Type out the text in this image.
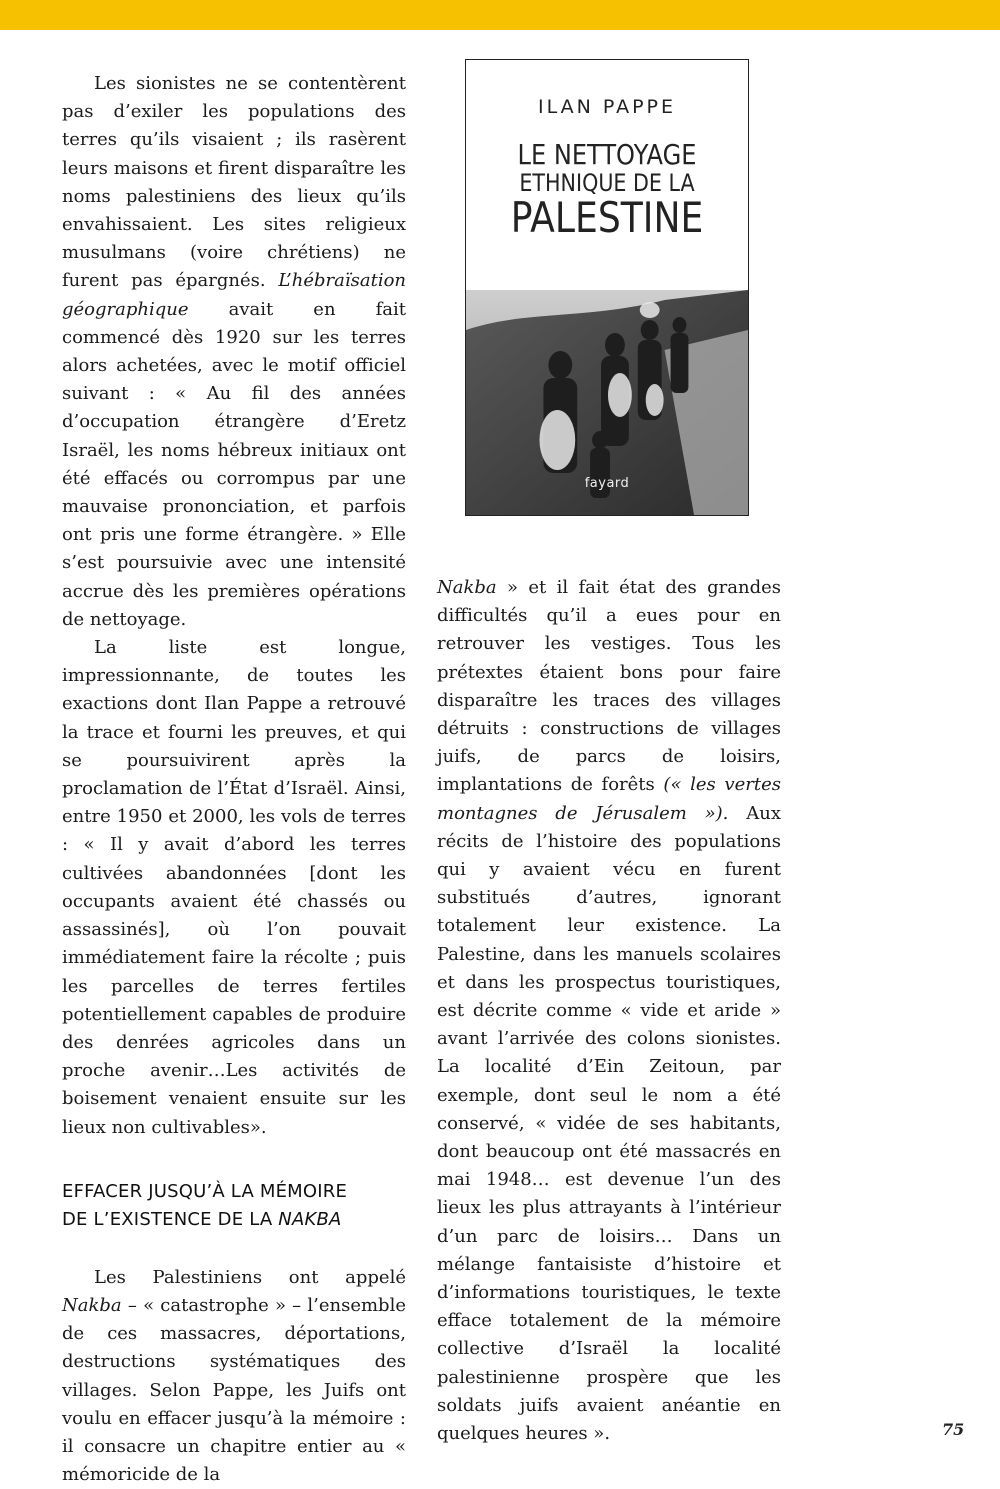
Les sionistes ne se contentèrent pas d’exiler les populations des terres qu’ils visaient ; ils rasèrent leurs maisons et firent disparaître les noms palestiniens des lieux qu’ils envahissaient. Les sites religieux musulmans (voire chrétiens) ne furent pas épargnés. L’hébraïsation géographique avait en fait commencé dès 1920 sur les terres alors achetées, avec le motif officiel suivant : « Au fil des années d’occupation étrangère d’Eretz Israël, les noms hébreux initiaux ont été effacés ou corrompus par une mauvaise prononciation, et parfois ont pris une forme étrangère. » Elle s’est poursuivie avec une intensité accrue dès les premières opérations de nettoyage.

La liste est longue, impressionnante, de toutes les exactions dont Ilan Pappe a retrouvé la trace et fourni les preuves, et qui se poursuivirent après la proclamation de l’État d’Israël. Ainsi, entre 1950 et 2000, les vols de terres : « Il y avait d’abord les terres cultivées abandonnées [dont les occupants avaient été chassés ou assassinés], où l’on pouvait immédiatement faire la récolte ; puis les parcelles de terres fertiles potentiellement capables de produire des denrées agricoles dans un proche avenir…Les activités de boisement venaient ensuite sur les lieux non cultivables».

EFFACER JUSQU’À LA MÉMOIRE
DE L’EXISTENCE DE LA NAKBA

Les Palestiniens ont appelé Nakba – « catastrophe » – l’ensemble de ces massacres, déportations, destructions systématiques des villages. Selon Pappe, les Juifs ont voulu en effacer jusqu’à la mémoire : il consacre un chapitre entier au « mémoricide de la

ILAN PAPPE
LE NETTOYAGE
ETHNIQUE DE LA
PALESTINE
fayard

Nakba » et il fait état des grandes difficultés qu’il a eues pour en retrouver les vestiges. Tous les prétextes étaient bons pour faire disparaître les traces des villages détruits : constructions de villages juifs, de parcs de loisirs, implantations de forêts (« les vertes montagnes de Jérusalem »). Aux récits de l’histoire des populations qui y avaient vécu en furent substitués d’autres, ignorant totalement leur existence. La Palestine, dans les manuels scolaires et dans les prospectus touristiques, est décrite comme « vide et aride » avant l’arrivée des colons sionistes. La localité d’Ein Zeitoun, par exemple, dont seul le nom a été conservé, « vidée de ses habitants, dont beaucoup ont été massacrés en mai 1948… est devenue l’un des lieux les plus attrayants à l’intérieur d’un parc de loisirs… Dans un mélange fantaisiste d’histoire et d’informations touristiques, le texte efface totalement de la mémoire collective d’Israël la localité palestinienne prospère que les soldats juifs avaient anéantie en quelques heures ».	75
